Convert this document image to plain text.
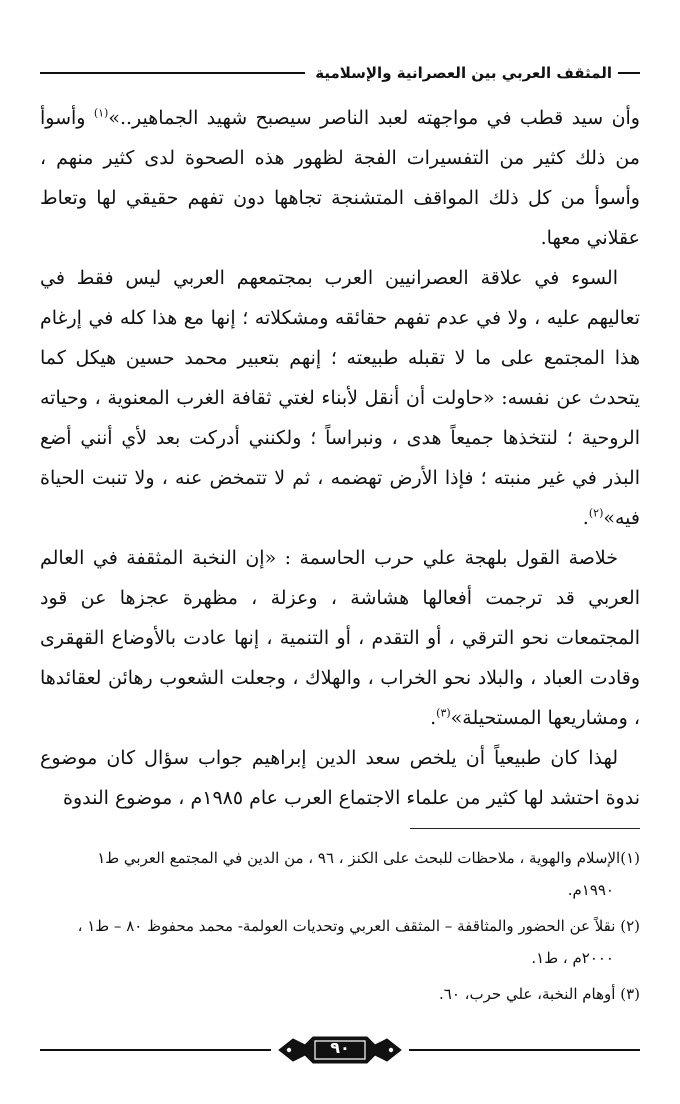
المثقف العربي بين العصرانية والإسلامية

وأن سيد قطب في مواجهته لعبد الناصر سيصبح شهيد الجماهير..»$^{(١)}$ وأسوأ من ذلك كثير من التفسيرات الفجة لظهور هذه الصحوة لدى كثير منهم ، وأسوأ من كل ذلك المواقف المتشنجة تجاهها دون تفهم حقيقي لها وتعاط عقلاني معها.

السوء في علاقة العصرانيين العرب بمجتمعهم العربي ليس فقط في تعاليهم عليه ، ولا في عدم تفهم حقائقه ومشكلاته ؛ إنها مع هذا كله في إرغام هذا المجتمع على ما لا تقبله طبيعته ؛ إنهم بتعبير محمد حسين هيكل كما يتحدث عن نفسه: «حاولت أن أنقل لأبناء لغتي ثقافة الغرب المعنوية ، وحياته الروحية ؛ لنتخذها جميعاً هدى ، ونبراساً ؛ ولكنني أدركت بعد لأي أنني أضع البذر في غير منبته ؛ فإذا الأرض تهضمه ، ثم لا تتمخض عنه ، ولا تنبت الحياة فيه»$^{(٢)}$.

خلاصة القول بلهجة علي حرب الحاسمة : «إن النخبة المثقفة في العالم العربي قد ترجمت أفعالها هشاشة ، وعزلة ، مظهرة عجزها عن قود المجتمعات نحو الترقي ، أو التقدم ، أو التنمية ، إنها عادت بالأوضاع القهقرى وقادت العباد ، والبلاد نحو الخراب ، والهلاك ، وجعلت الشعوب رهائن لعقائدها ، ومشاريعها المستحيلة»$^{(٣)}$.

لهذا كان طبيعياً أن يلخص سعد الدين إبراهيم جواب سؤال كان موضوع ندوة احتشد لها كثير من علماء الاجتماع العرب عام ١٩٨٥م ، موضوع الندوة

(١)الإسلام والهوية ، ملاحظات للبحث على الكنز ، ٩٦ ، من الدين في المجتمع العربي ط١
١٩٩٠م.
(٢) نقلاً عن الحضور والمثاقفة – المثقف العربي وتحديات العولمة- محمد محفوظ ٨٠ – ط١ ،
٢٠٠٠م ، ط١.
(٣) أوهام النخبة، علي حرب، ٦٠.
٩٠
